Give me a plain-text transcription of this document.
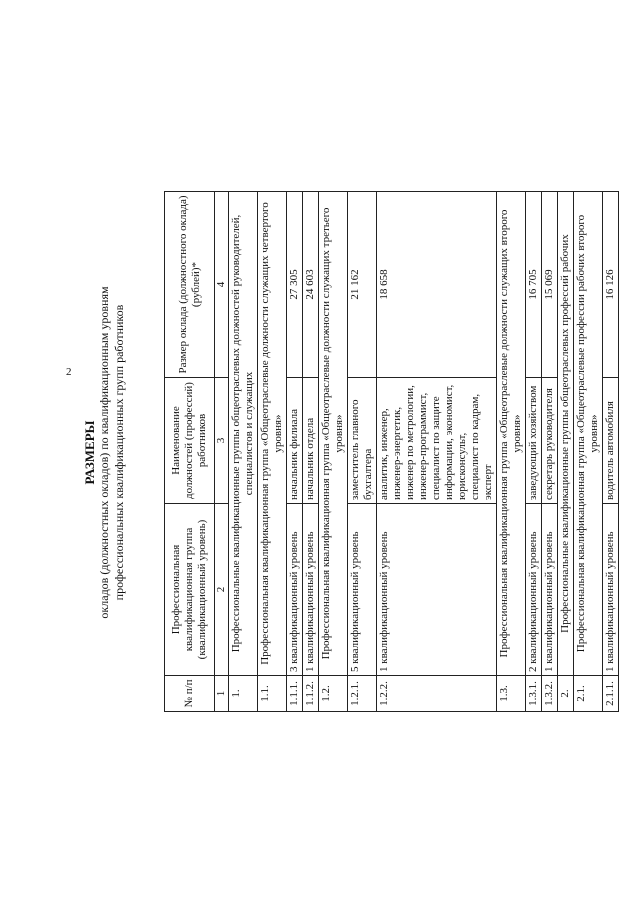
2
РАЗМЕРЫ окладов (должностных окладов) по квалификационным уровням профессиональных квалификационных групп работников
№ п/п	Профессиональная квалификационная группа (квалификационный уровень)	Наименование должностей (профессий) работников	Размер оклада (должностного оклада) (рублей)*
1	2	3	4
1.	Профессиональные квалификационные группы общеотраслевых должностей руководителей, специалистов и служащих		
1.1.	Профессиональная квалификационная группа «Общеотраслевые должности служащих четвертого уровня»		
1.1.1.	3 квалификационный уровень	начальник филиала	27 305
1.1.2.	1 квалификационный уровень	начальник отдела	24 603
1.2.	Профессиональная квалификационная группа «Общеотраслевые должности служащих третьего уровня»		
1.2.1.	5 квалификационный уровень	заместитель главного бухгалтера	21 162
1.2.2.	1 квалификационный уровень	аналитик, инженер, инженер-энергетик, инженер по метрологии, инженер-программист, специалист по защите информации, экономист, юрисконсульт, специалист по кадрам, эксперт	18 658
1.3.	Профессиональная квалификационная группа «Общеотраслевые должности служащих второго уровня»		
1.3.1.	2 квалификационный уровень	заведующий хозяйством	16 705
1.3.2.	1 квалификационный уровень	секретарь руководителя	15 069
2.	Профессиональные квалификационные группы общеотраслевых профессий рабочих		
2.1.	Профессиональная квалификационная группа «Общеотраслевые профессии рабочих второго уровня»		
2.1.1.	1 квалификационный уровень	водитель автомобиля	16 126
